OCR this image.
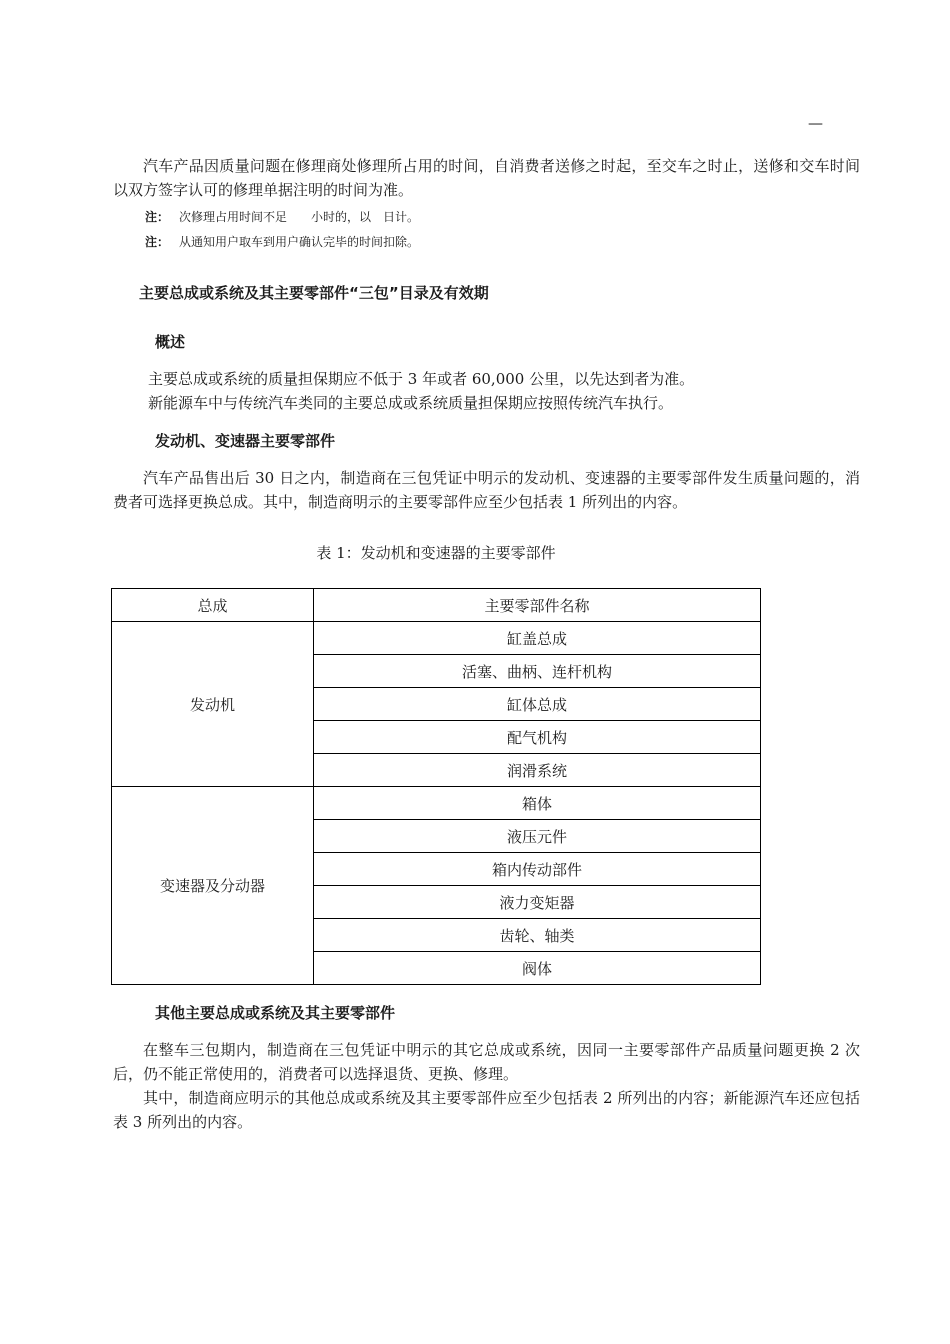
—
汽车产品因质量问题在修理商处修理所占用的时间，自消费者送修之时起，至交车之时止，送修和交车时间以双方签字认可的修理单据注明的时间为准。
注： 次修理占用时间不足　　小时的，以　日计。
注： 从通知用户取车到用户确认完毕的时间扣除。
主要总成或系统及其主要零部件“三包”目录及有效期
概述
主要总成或系统的质量担保期应不低于 3 年或者 60,000 公里，以先达到者为准。
新能源车中与传统汽车类同的主要总成或系统质量担保期应按照传统汽车执行。
发动机、变速器主要零部件
汽车产品售出后 30 日之内，制造商在三包凭证中明示的发动机、变速器的主要零部件发生质量问题的，消费者可选择更换总成。其中，制造商明示的主要零部件应至少包括表 1 所列出的内容。
表 1：发动机和变速器的主要零部件
总成	主要零部件名称
发动机	缸盖总成
	活塞、曲柄、连杆机构
	缸体总成
	配气机构
	润滑系统
变速器及分动器	箱体
	液压元件
	箱内传动部件
	液力变矩器
	齿轮、轴类
	阀体
其他主要总成或系统及其主要零部件
在整车三包期内，制造商在三包凭证中明示的其它总成或系统，因同一主要零部件产品质量问题更换 2 次后，仍不能正常使用的，消费者可以选择退货、更换、修理。
其中，制造商应明示的其他总成或系统及其主要零部件应至少包括表 2 所列出的内容；新能源汽车还应包括表 3 所列出的内容。
